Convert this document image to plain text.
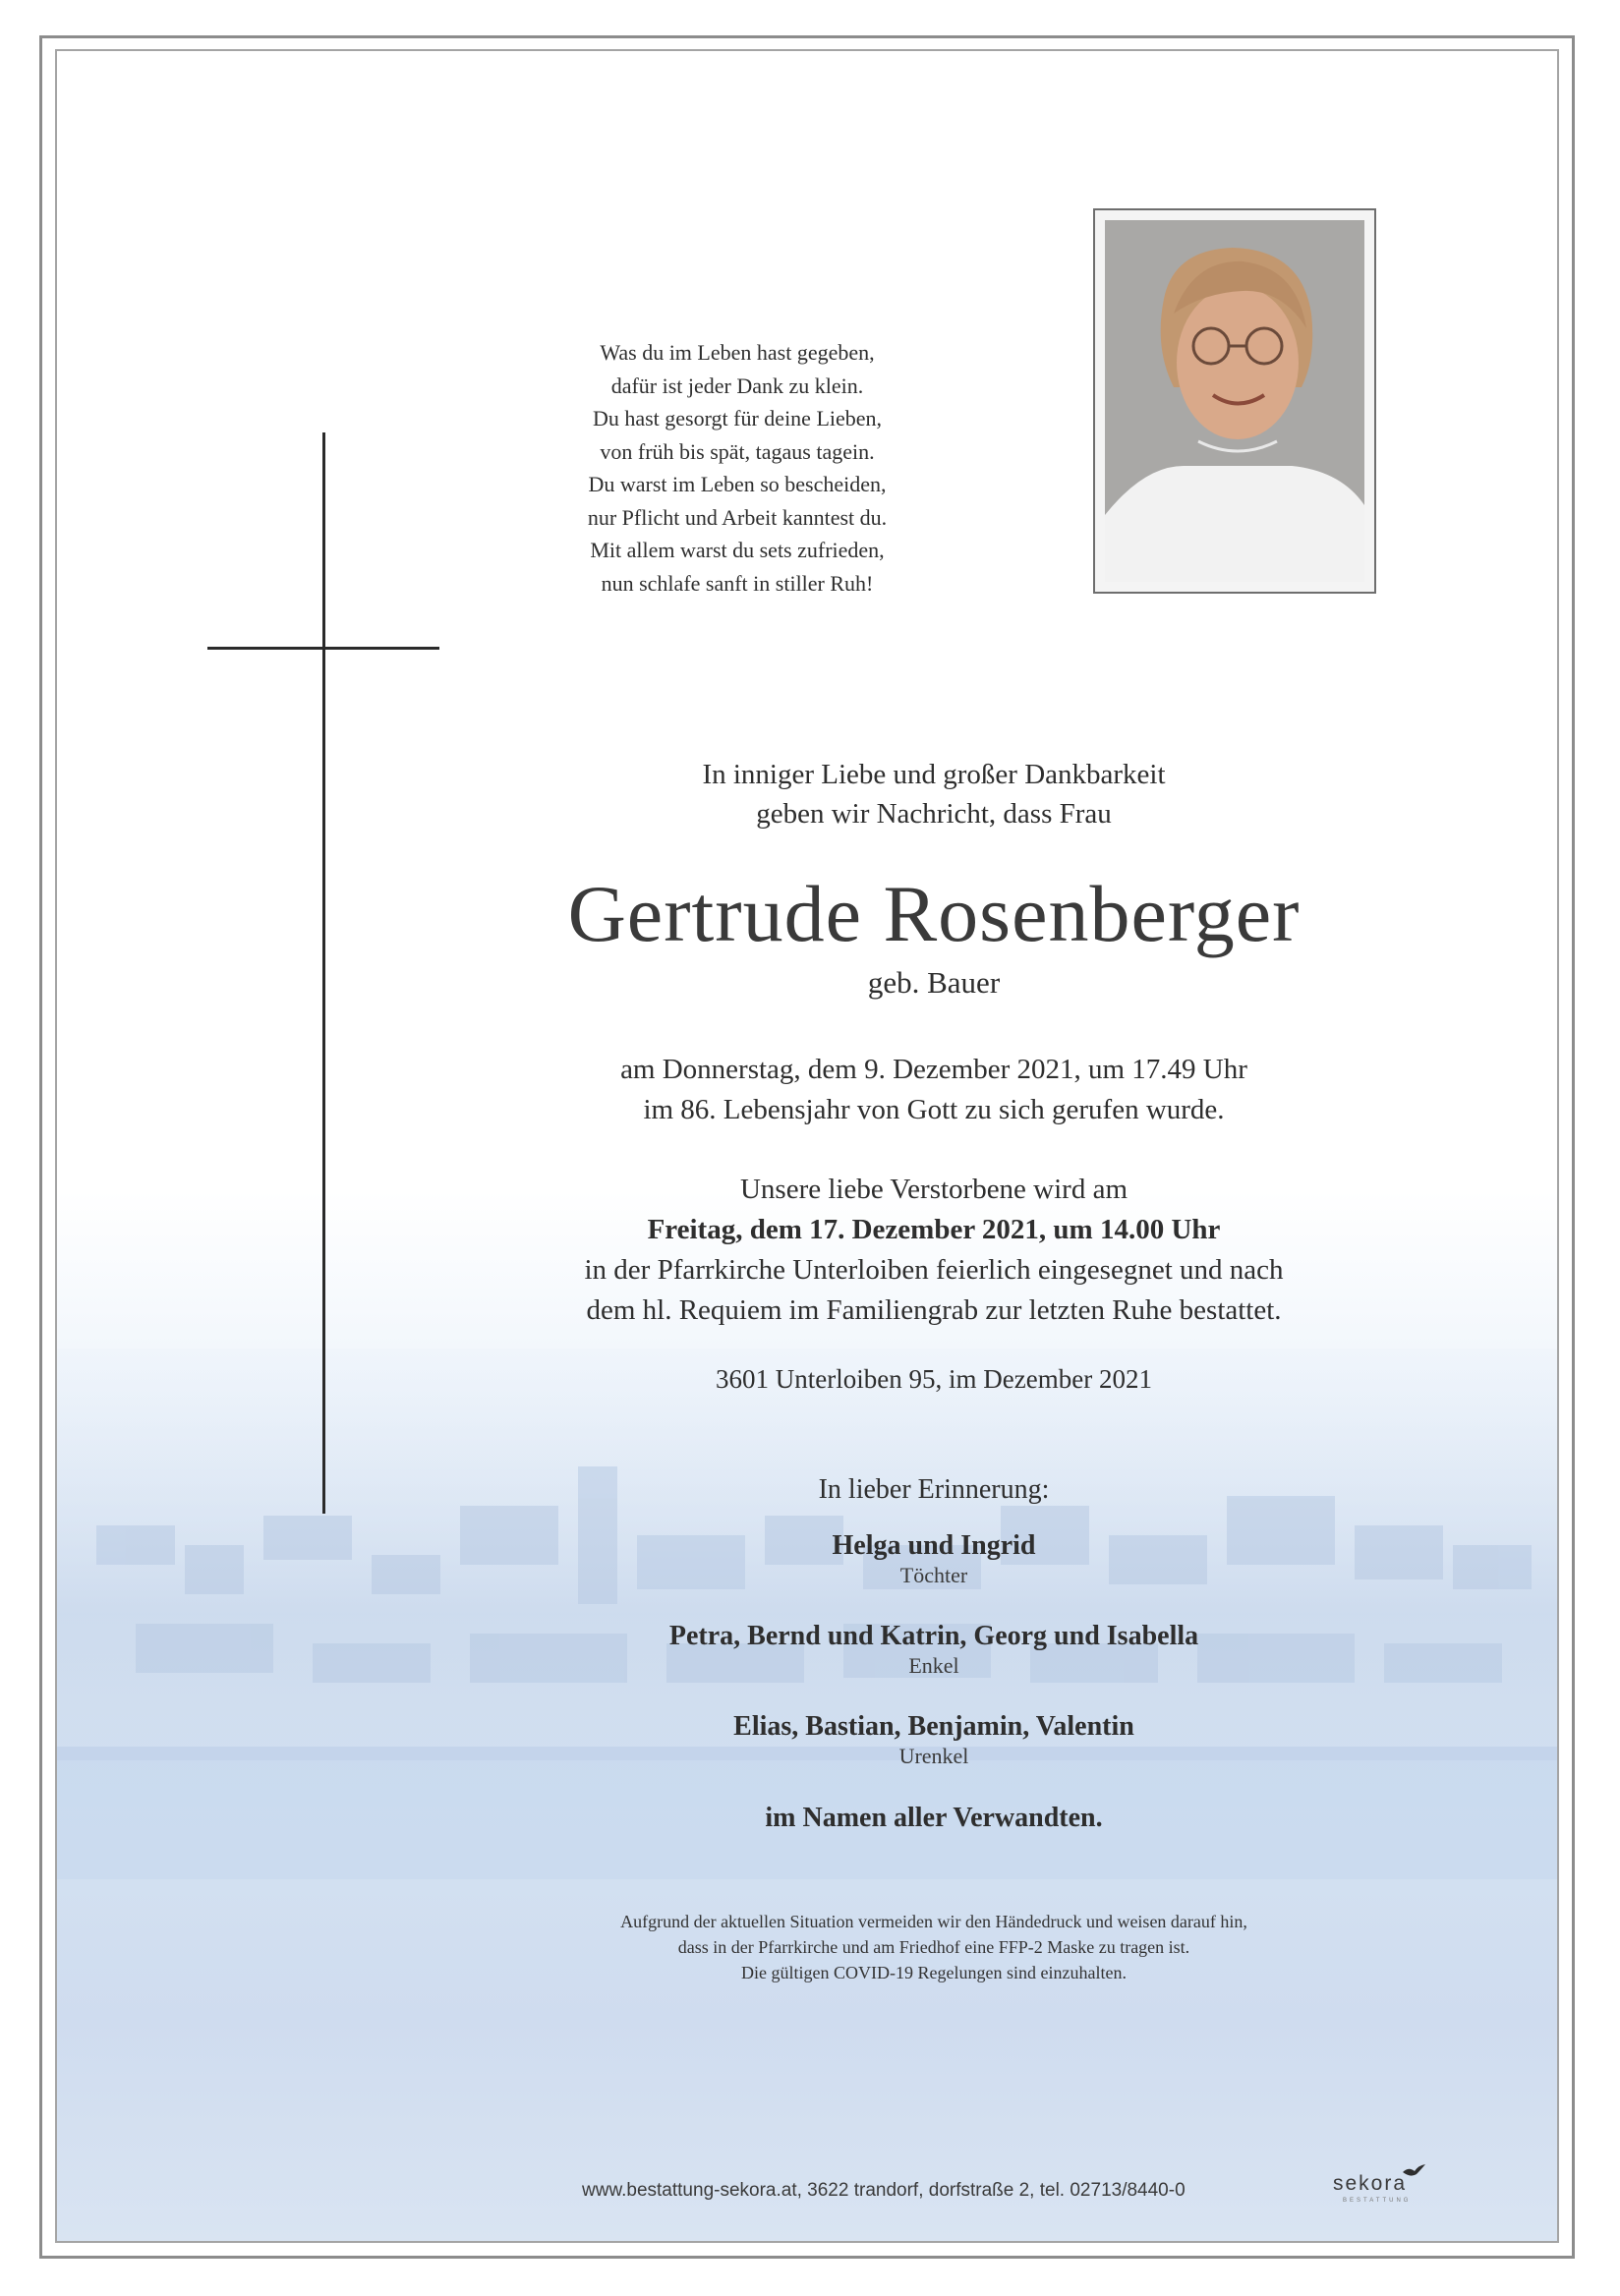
Was du im Leben hast gegeben,
dafür ist jeder Dank zu klein.
Du hast gesorgt für deine Lieben,
von früh bis spät, tagaus tagein.
Du warst im Leben so bescheiden,
nur Pflicht und Arbeit kanntest du.
Mit allem warst du sets zufrieden,
nun schlafe sanft in stiller Ruh!
In inniger Liebe und großer Dankbarkeit
geben wir Nachricht, dass Frau
Gertrude Rosenberger
geb. Bauer
am Donnerstag, dem 9. Dezember 2021, um 17.49 Uhr
im 86. Lebensjahr von Gott zu sich gerufen wurde.
Unsere liebe Verstorbene wird am
Freitag, dem 17. Dezember 2021, um 14.00 Uhr
in der Pfarrkirche Unterloiben feierlich eingesegnet und nach
dem hl. Requiem im Familiengrab zur letzten Ruhe bestattet.
3601 Unterloiben 95, im Dezember 2021
In lieber Erinnerung:
Helga und Ingrid
Töchter
Petra, Bernd und Katrin, Georg und Isabella
Enkel
Elias, Bastian, Benjamin, Valentin
Urenkel
im Namen aller Verwandten.
Aufgrund der aktuellen Situation vermeiden wir den Händedruck und weisen darauf hin,
dass in der Pfarrkirche und am Friedhof eine FFP-2 Maske zu tragen ist.
Die gültigen COVID-19 Regelungen sind einzuhalten.
www.bestattung-sekora.at, 3622 trandorf, dorfstraße 2, tel. 02713/8440-0	sekora
BESTATTUNG
